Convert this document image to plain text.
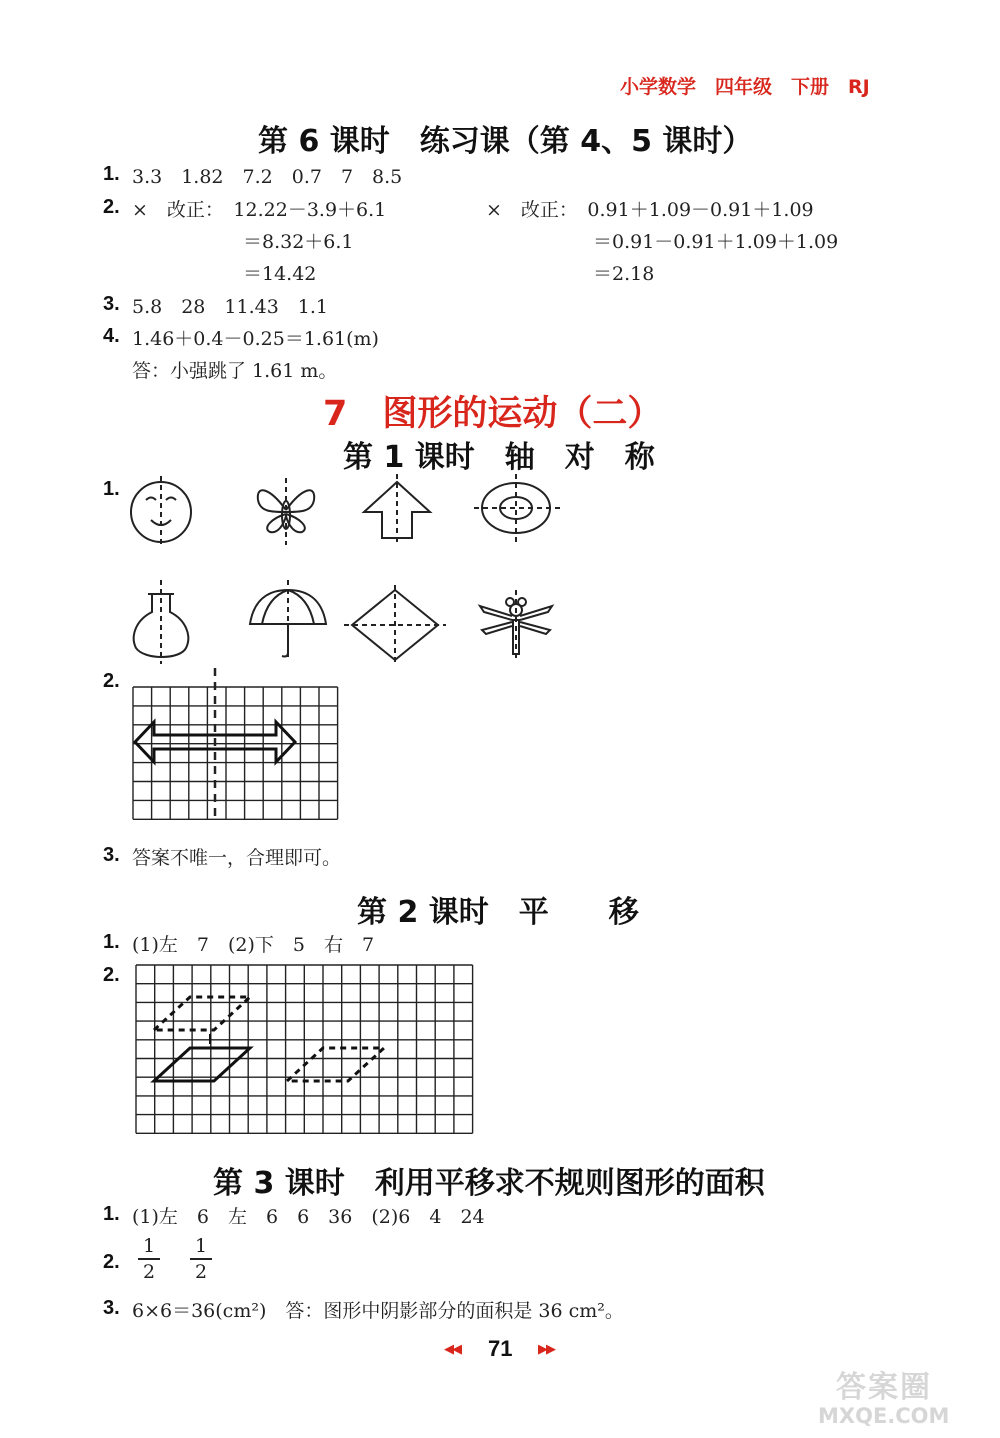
小学数学　四年级　下册　RJ
第 6 课时　练习课（第 4、5 课时）
1. 3.3　1.82　7.2　0.7　7　8.5
2. ×　改正：　12.22－3.9＋6.1
＝8.32＋6.1
＝14.42
×　改正：　0.91＋1.09－0.91＋1.09
＝0.91－0.91＋1.09＋1.09
＝2.18
3. 5.8　28　11.43　1.1
4. 1.46＋0.4－0.25＝1.61(m)
答：小强跳了 1.61 m。
7　图形的运动（二）
第 1 课时　轴　对　称
1.
2.
3. 答案不唯一，合理即可。
第 2 课时　平　　移
1. (1)左　7　(2)下　5　右　7
2.
第 3 课时　利用平移求不规则图形的面积
1. (1)左　6　左　6　6　36　(2)6　4　24
2.
1
2
1
2
3. 6×6＝36(cm²)　答：图形中阴影部分的面积是 36 cm²。
◀◀ 71 ▶▶
答案圈
MXQE.COM
